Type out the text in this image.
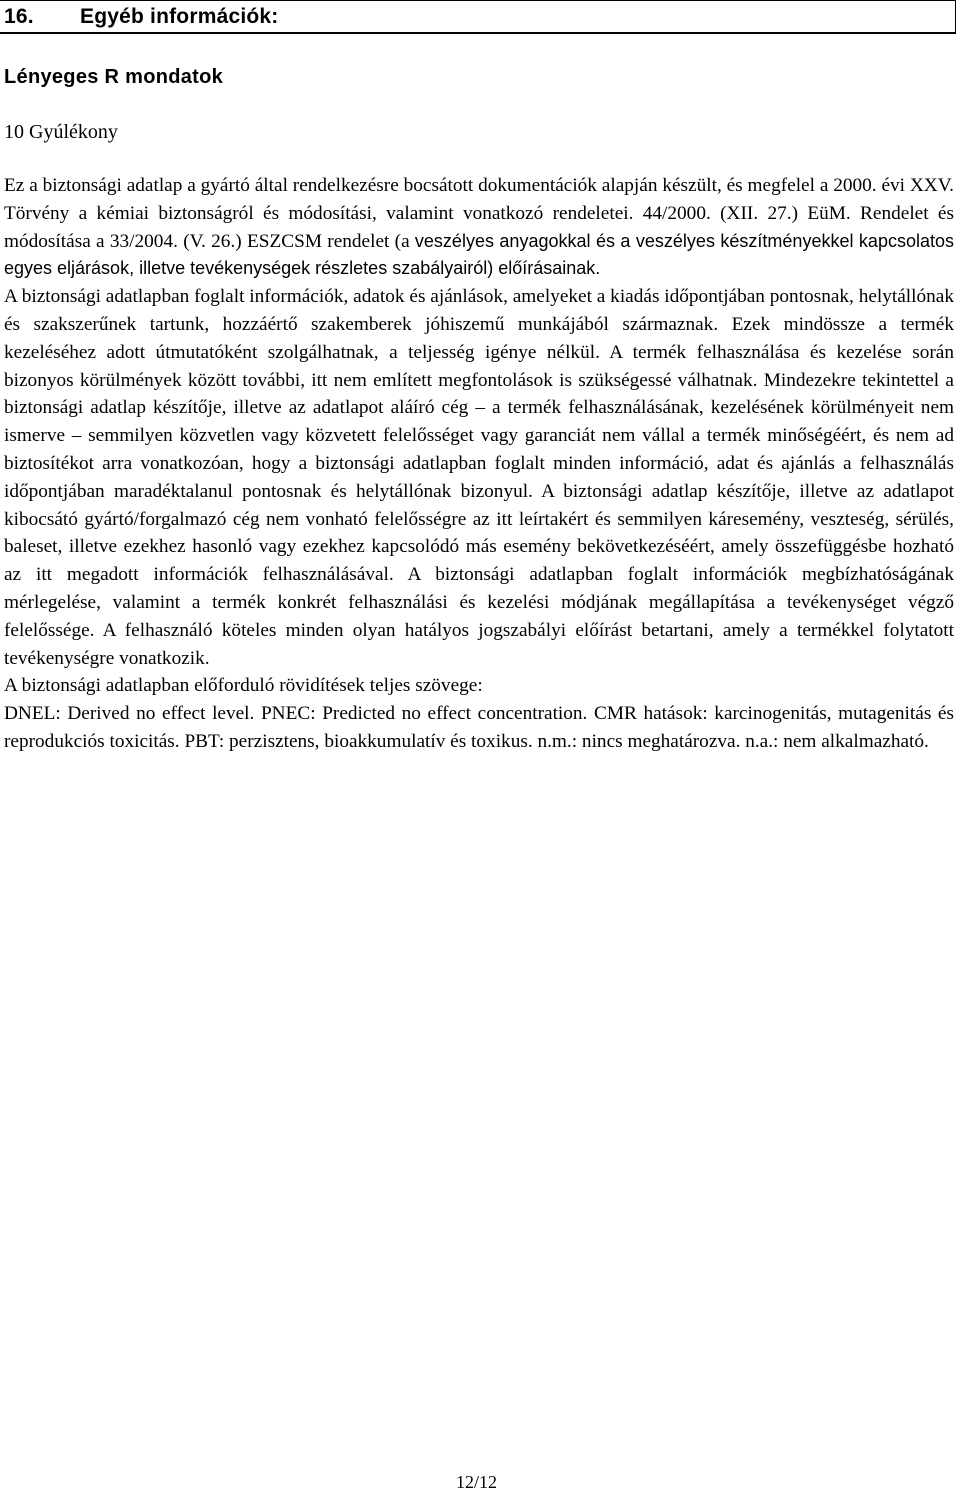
16. Egyéb információk:
Lényeges R mondatok
10 Gyúlékony

Ez a biztonsági adatlap a gyártó által rendelkezésre bocsátott dokumentációk alapján készült, és megfelel a 2000. évi XXV. Törvény a kémiai biztonságról és módosítási, valamint vonatkozó rendeletei. 44/2000. (XII. 27.) EüM. Rendelet és módosítása a 33/2004. (V. 26.) ESZCSM rendelet (a veszélyes anyagokkal és a veszélyes készítményekkel kapcsolatos egyes eljárások, illetve tevékenységek részletes szabályairól) előírásainak.

A biztonsági adatlapban foglalt információk, adatok és ajánlások, amelyeket a kiadás időpontjában pontosnak, helytállónak és szakszerűnek tartunk, hozzáértő szakemberek jóhiszemű munkájából származnak. Ezek mindössze a termék kezeléséhez adott útmutatóként szolgálhatnak, a teljesség igénye nélkül. A termék felhasználása és kezelése során bizonyos körülmények között további, itt nem említett megfontolások is szükségessé válhatnak. Mindezekre tekintettel a biztonsági adatlap készítője, illetve az adatlapot aláíró cég – a termék felhasználásának, kezelésének körülményeit nem ismerve – semmilyen közvetlen vagy közvetett felelősséget vagy garanciát nem vállal a termék minőségéért, és nem ad biztosítékot arra vonatkozóan, hogy a biztonsági adatlapban foglalt minden információ, adat és ajánlás a felhasználás időpontjában maradéktalanul pontosnak és helytállónak bizonyul. A biztonsági adatlap készítője, illetve az adatlapot kibocsátó gyártó/forgalmazó cég nem vonható felelősségre az itt leírtakért és semmilyen káresemény, veszteség, sérülés, baleset, illetve ezekhez hasonló vagy ezekhez kapcsolódó más esemény bekövetkezéséért, amely összefüggésbe hozható az itt megadott információk felhasználásával. A biztonsági adatlapban foglalt információk megbízhatóságának mérlegelése, valamint a termék konkrét felhasználási és kezelési módjának megállapítása a tevékenységet végző felelőssége. A felhasználó köteles minden olyan hatályos jogszabályi előírást betartani, amely a termékkel folytatott tevékenységre vonatkozik.

A biztonsági adatlapban előforduló rövidítések teljes szövege:

DNEL: Derived no effect level. PNEC: Predicted no effect concentration. CMR hatások: karcinogenitás, mutagenitás és reprodukciós toxicitás. PBT: perzisztens, bioakkumulatív és toxikus. n.m.: nincs meghatározva. n.a.: nem alkalmazható.

12/12
